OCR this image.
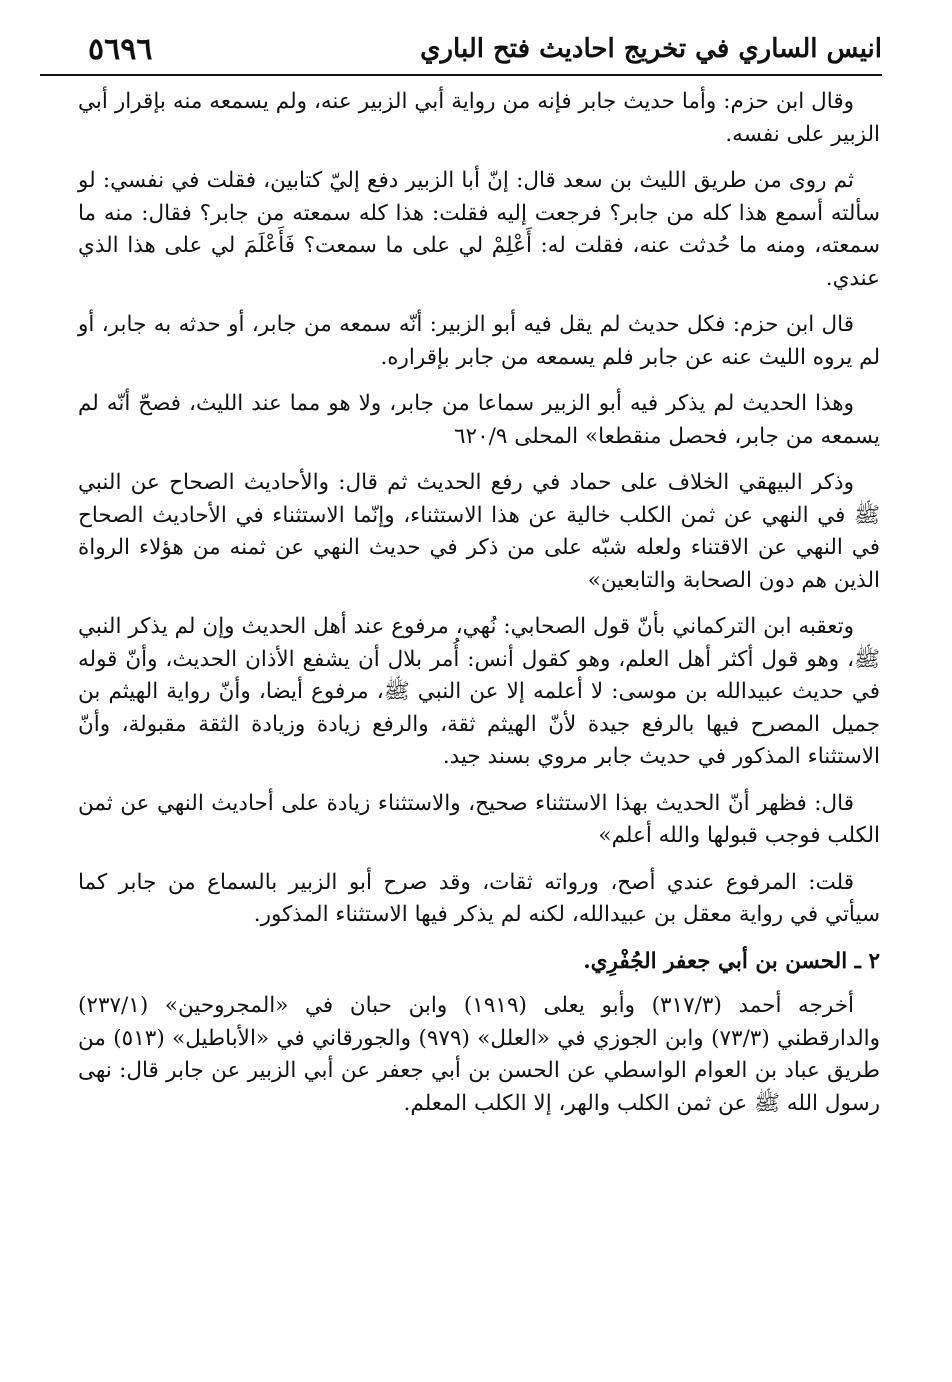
٥٦٩٦	انيس الساري في تخريج احاديث فتح الباري

وقال ابن حزم: وأما حديث جابر فإنه من رواية أبي الزبير عنه، ولم يسمعه منه بإقرار أبي الزبير على نفسه.

ثم روى من طريق الليث بن سعد قال: إنّ أبا الزبير دفع إليّ كتابين، فقلت في نفسي: لو سألته أسمع هذا كله من جابر؟ فرجعت إليه فقلت: هذا كله سمعته من جابر؟ فقال: منه ما سمعته، ومنه ما حُدثت عنه، فقلت له: أَعْلِمْ لي على ما سمعت؟ فَأَعْلَمَ لي على هذا الذي عندي.

قال ابن حزم: فكل حديث لم يقل فيه أبو الزبير: أنّه سمعه من جابر، أو حدثه به جابر، أو لم يروه الليث عنه عن جابر فلم يسمعه من جابر بإقراره.

وهذا الحديث لم يذكر فيه أبو الزبير سماعا من جابر، ولا هو مما عند الليث، فصحّ أنّه لم يسمعه من جابر، فحصل منقطعا» المحلى ٦٢٠/٩

وذكر البيهقي الخلاف على حماد في رفع الحديث ثم قال: والأحاديث الصحاح عن النبي ﷺ في النهي عن ثمن الكلب خالية عن هذا الاستثناء، وإنّما الاستثناء في الأحاديث الصحاح في النهي عن الاقتناء ولعله شبّه على من ذكر في حديث النهي عن ثمنه من هؤلاء الرواة الذين هم دون الصحابة والتابعين»

وتعقبه ابن التركماني بأنّ قول الصحابي: نُهي، مرفوع عند أهل الحديث وإن لم يذكر النبي ﷺ، وهو قول أكثر أهل العلم، وهو كقول أنس: أُمر بلال أن يشفع الأذان الحديث، وأنّ قوله في حديث عبيدالله بن موسى: لا أعلمه إلا عن النبي ﷺ، مرفوع أيضا، وأنّ رواية الهيثم بن جميل المصرح فيها بالرفع جيدة لأنّ الهيثم ثقة، والرفع زيادة وزيادة الثقة مقبولة، وأنّ الاستثناء المذكور في حديث جابر مروي بسند جيد.

قال: فظهر أنّ الحديث بهذا الاستثناء صحيح، والاستثناء زيادة على أحاديث النهي عن ثمن الكلب فوجب قبولها والله أعلم»

قلت: المرفوع عندي أصح، ورواته ثقات، وقد صرح أبو الزبير بالسماع من جابر كما سيأتي في رواية معقل بن عبيدالله، لكنه لم يذكر فيها الاستثناء المذكور.

٢ ـ الحسن بن أبي جعفر الجُفْرِي.

أخرجه أحمد (٣١٧/٣) وأبو يعلى (١٩١٩) وابن حبان في «المجروحين» (٢٣٧/١) والدارقطني (٧٣/٣) وابن الجوزي في «العلل» (٩٧٩) والجورقاني في «الأباطيل» (٥١٣) من طريق عباد بن العوام الواسطي عن الحسن بن أبي جعفر عن أبي الزبير عن جابر قال: نهى رسول الله ﷺ عن ثمن الكلب والهر، إلا الكلب المعلم.
